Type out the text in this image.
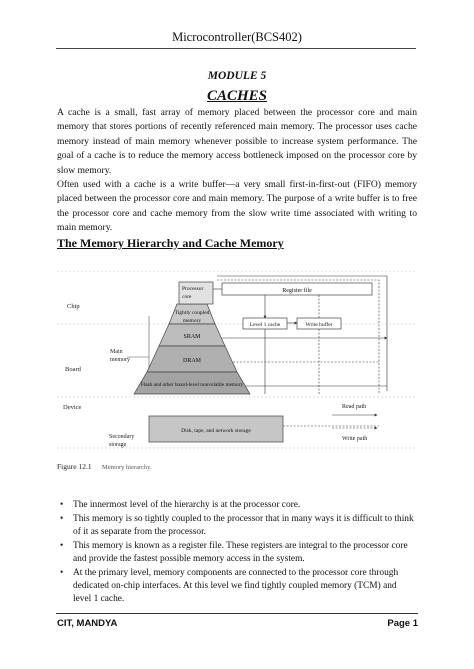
Microcontroller(BCS402)
MODULE 5
CACHES
A cache is a small, fast array of memory placed between the processor core and main memory that stores portions of recently referenced main memory. The processor uses cache memory instead of main memory whenever possible to increase system performance. The goal of a cache is to reduce the memory access bottleneck imposed on the processor core by slow memory.
Often used with a cache is a write buffer—a very small first-in-first-out (FIFO) memory placed between the processor core and main memory. The purpose of a write buffer is to free the processor core and cache memory from the slow write time associated with writing to main memory.
The Memory Hierarchy and Cache Memory
Chip
Board
Device
Main
memory
Secondary
storage
Processor
core
Tightly coupled
memory
SRAM
DRAM
Flash and other board-level nonvolatile memory
Disk, tape, and network storage
Register file
Level 1 cache	Write buffer
Read path
Write path
Figure 12.1 Memory hierarchy.
• The innermost level of the hierarchy is at the processor core.
• This memory is so tightly coupled to the processor that in many ways it is difficult to think of it as separate from the processor.
• This memory is known as a register file. These registers are integral to the processor core and provide the fastest possible memory access in the system.
• At the primary level, memory components are connected to the processor core through dedicated on-chip interfaces. At this level we find tightly coupled memory (TCM) and level 1 cache.
CIT, MANDYA	Page 1
